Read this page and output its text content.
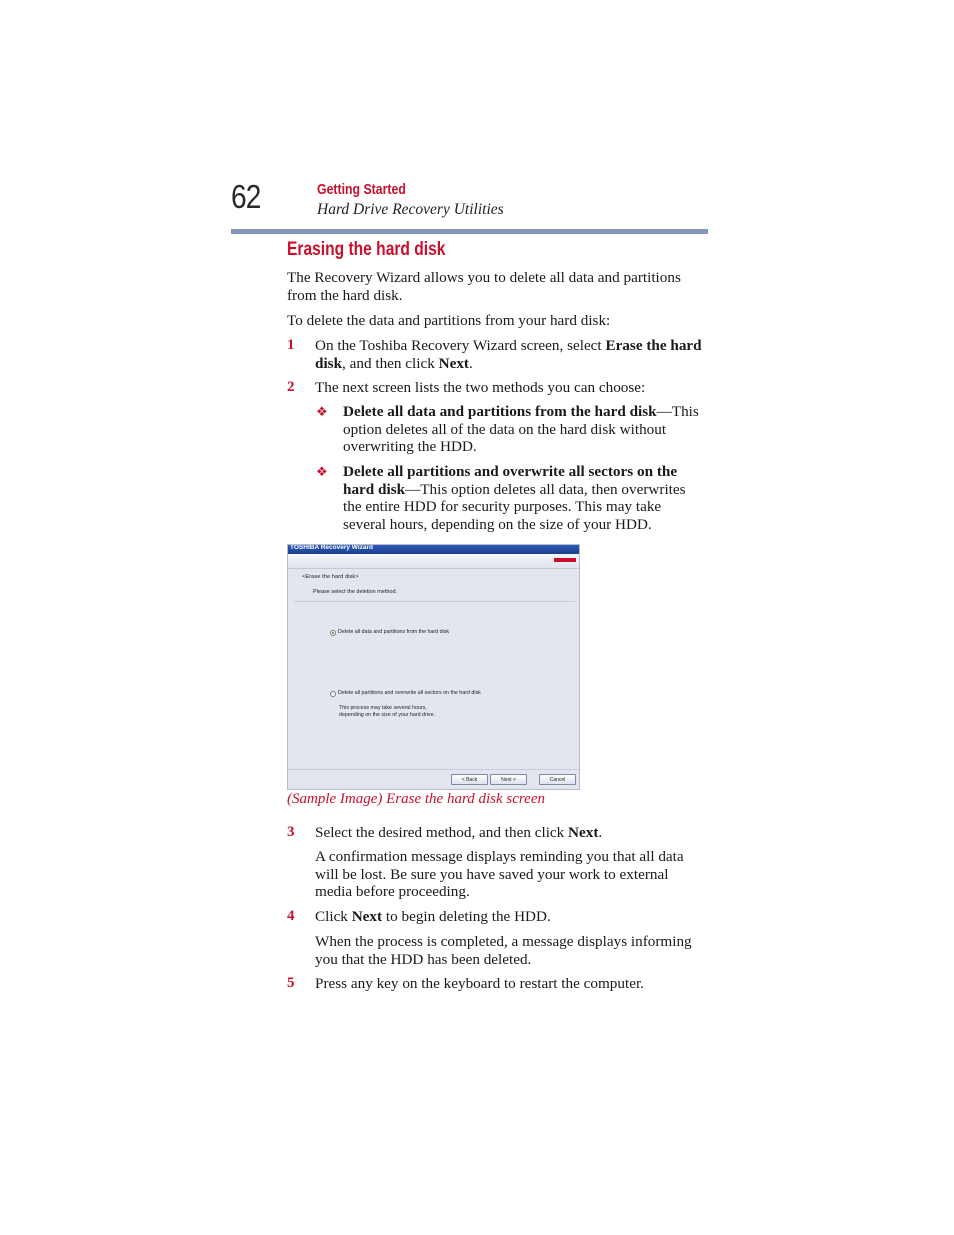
62	Getting Started
Hard Drive Recovery Utilities
Erasing the hard disk
The Recovery Wizard allows you to delete all data and partitions from the hard disk.
To delete the data and partitions from your hard disk:
1 On the Toshiba Recovery Wizard screen, select Erase the hard disk, and then click Next.
2 The next screen lists the two methods you can choose:
❖ Delete all data and partitions from the hard disk—This option deletes all of the data on the hard disk without overwriting the HDD.
❖ Delete all partitions and overwrite all sectors on the hard disk—This option deletes all data, then overwrites the entire HDD for security purposes. This may take several hours, depending on the size of your HDD.
TOSHIBA Recovery Wizard
<Erase the hard disk>
Please select the deletion method.
Delete all data and partitions from the hard disk
Delete all partitions and overwrite all sectors on the hard disk
This process may take several hours,
depending on the size of your hard drive.
< Back	Next >	Cancel
(Sample Image) Erase the hard disk screen
3 Select the desired method, and then click Next.
A confirmation message displays reminding you that all data will be lost. Be sure you have saved your work to external media before proceeding.
4 Click Next to begin deleting the HDD.
When the process is completed, a message displays informing you that the HDD has been deleted.
5 Press any key on the keyboard to restart the computer.
